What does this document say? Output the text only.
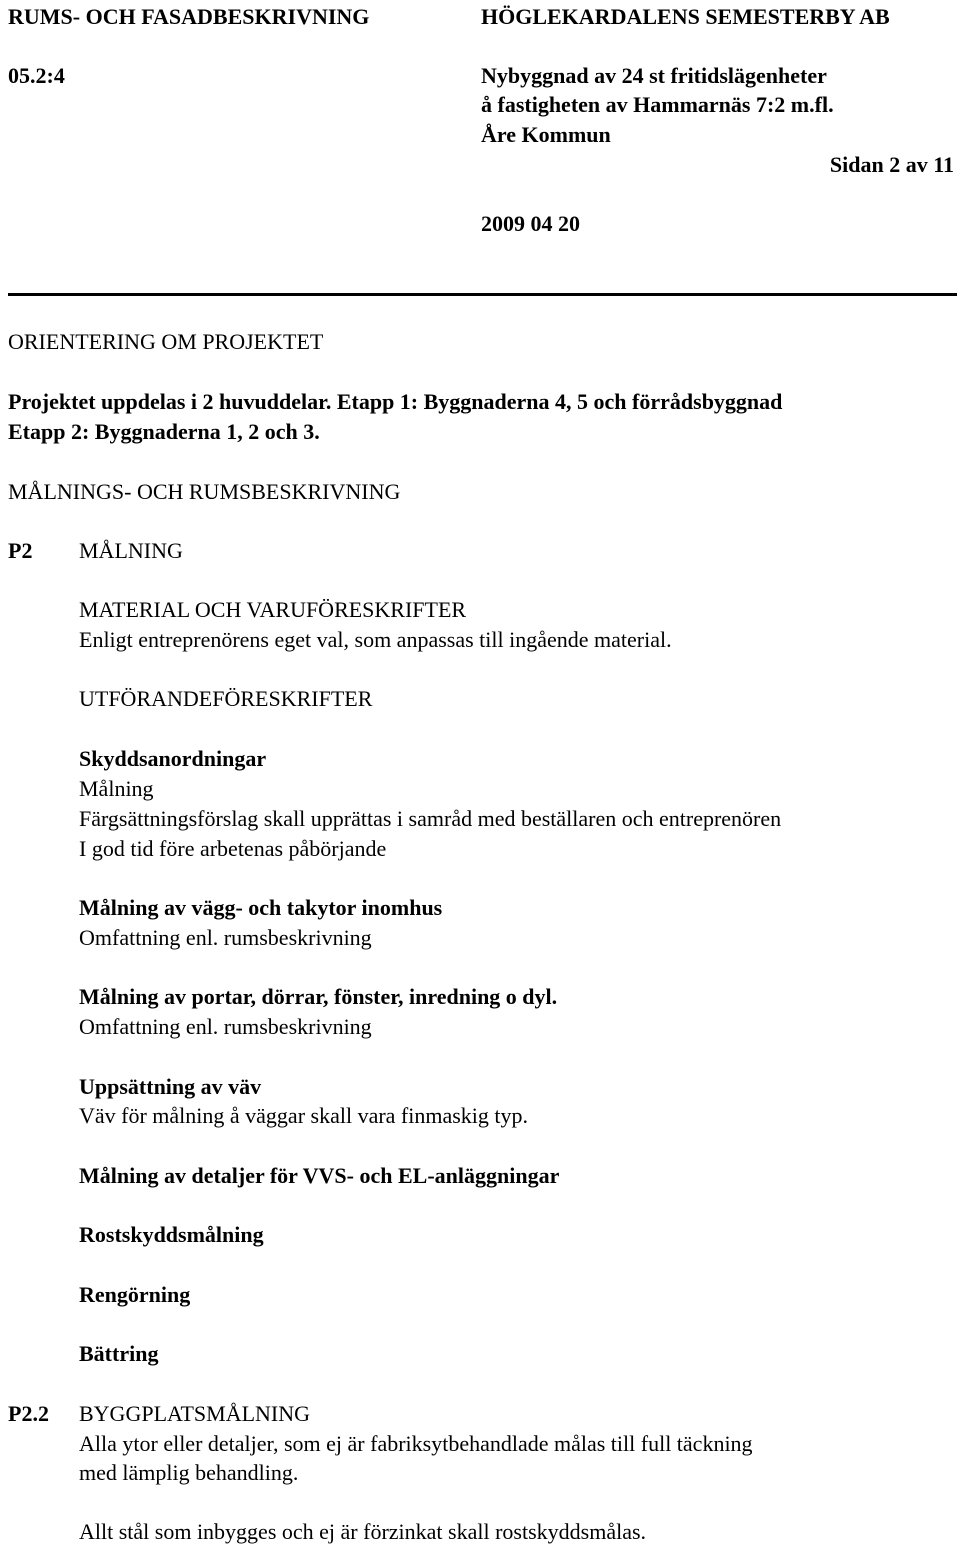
RUMS- OCH FASADBESKRIVNING	HÖGLEKARDALENS SEMESTERBY AB
05.2:4	Nybyggnad av 24 st fritidslägenheter
å fastigheten av Hammarnäs 7:2 m.fl.
Åre Kommun
Sidan 2 av 11
2009 04 20
ORIENTERING OM PROJEKTET
Projektet uppdelas i 2 huvuddelar. Etapp 1: Byggnaderna 4, 5 och förrådsbyggnad
Etapp 2: Byggnaderna 1, 2 och 3.
MÅLNINGS- OCH RUMSBESKRIVNING
P2 MÅLNING
MATERIAL OCH VARUFÖRESKRIFTER
Enligt entreprenörens eget val, som anpassas till ingående material.
UTFÖRANDEFÖRESKRIFTER
Skyddsanordningar
Målning
Färgsättningsförslag skall upprättas i samråd med beställaren och entreprenören
I god tid före arbetenas påbörjande
Målning av vägg- och takytor inomhus
Omfattning enl. rumsbeskrivning
Målning av portar, dörrar, fönster, inredning o dyl.
Omfattning enl. rumsbeskrivning
Uppsättning av väv
Väv för målning å väggar skall vara finmaskig typ.
Målning av detaljer för VVS- och EL-anläggningar
Rostskyddsmålning
Rengörning
Bättring
P2.2 BYGGPLATSMÅLNING
Alla ytor eller detaljer, som ej är fabriksytbehandlade målas till full täckning
med lämplig behandling.
Allt stål som inbygges och ej är förzinkat skall rostskyddsmålas.
